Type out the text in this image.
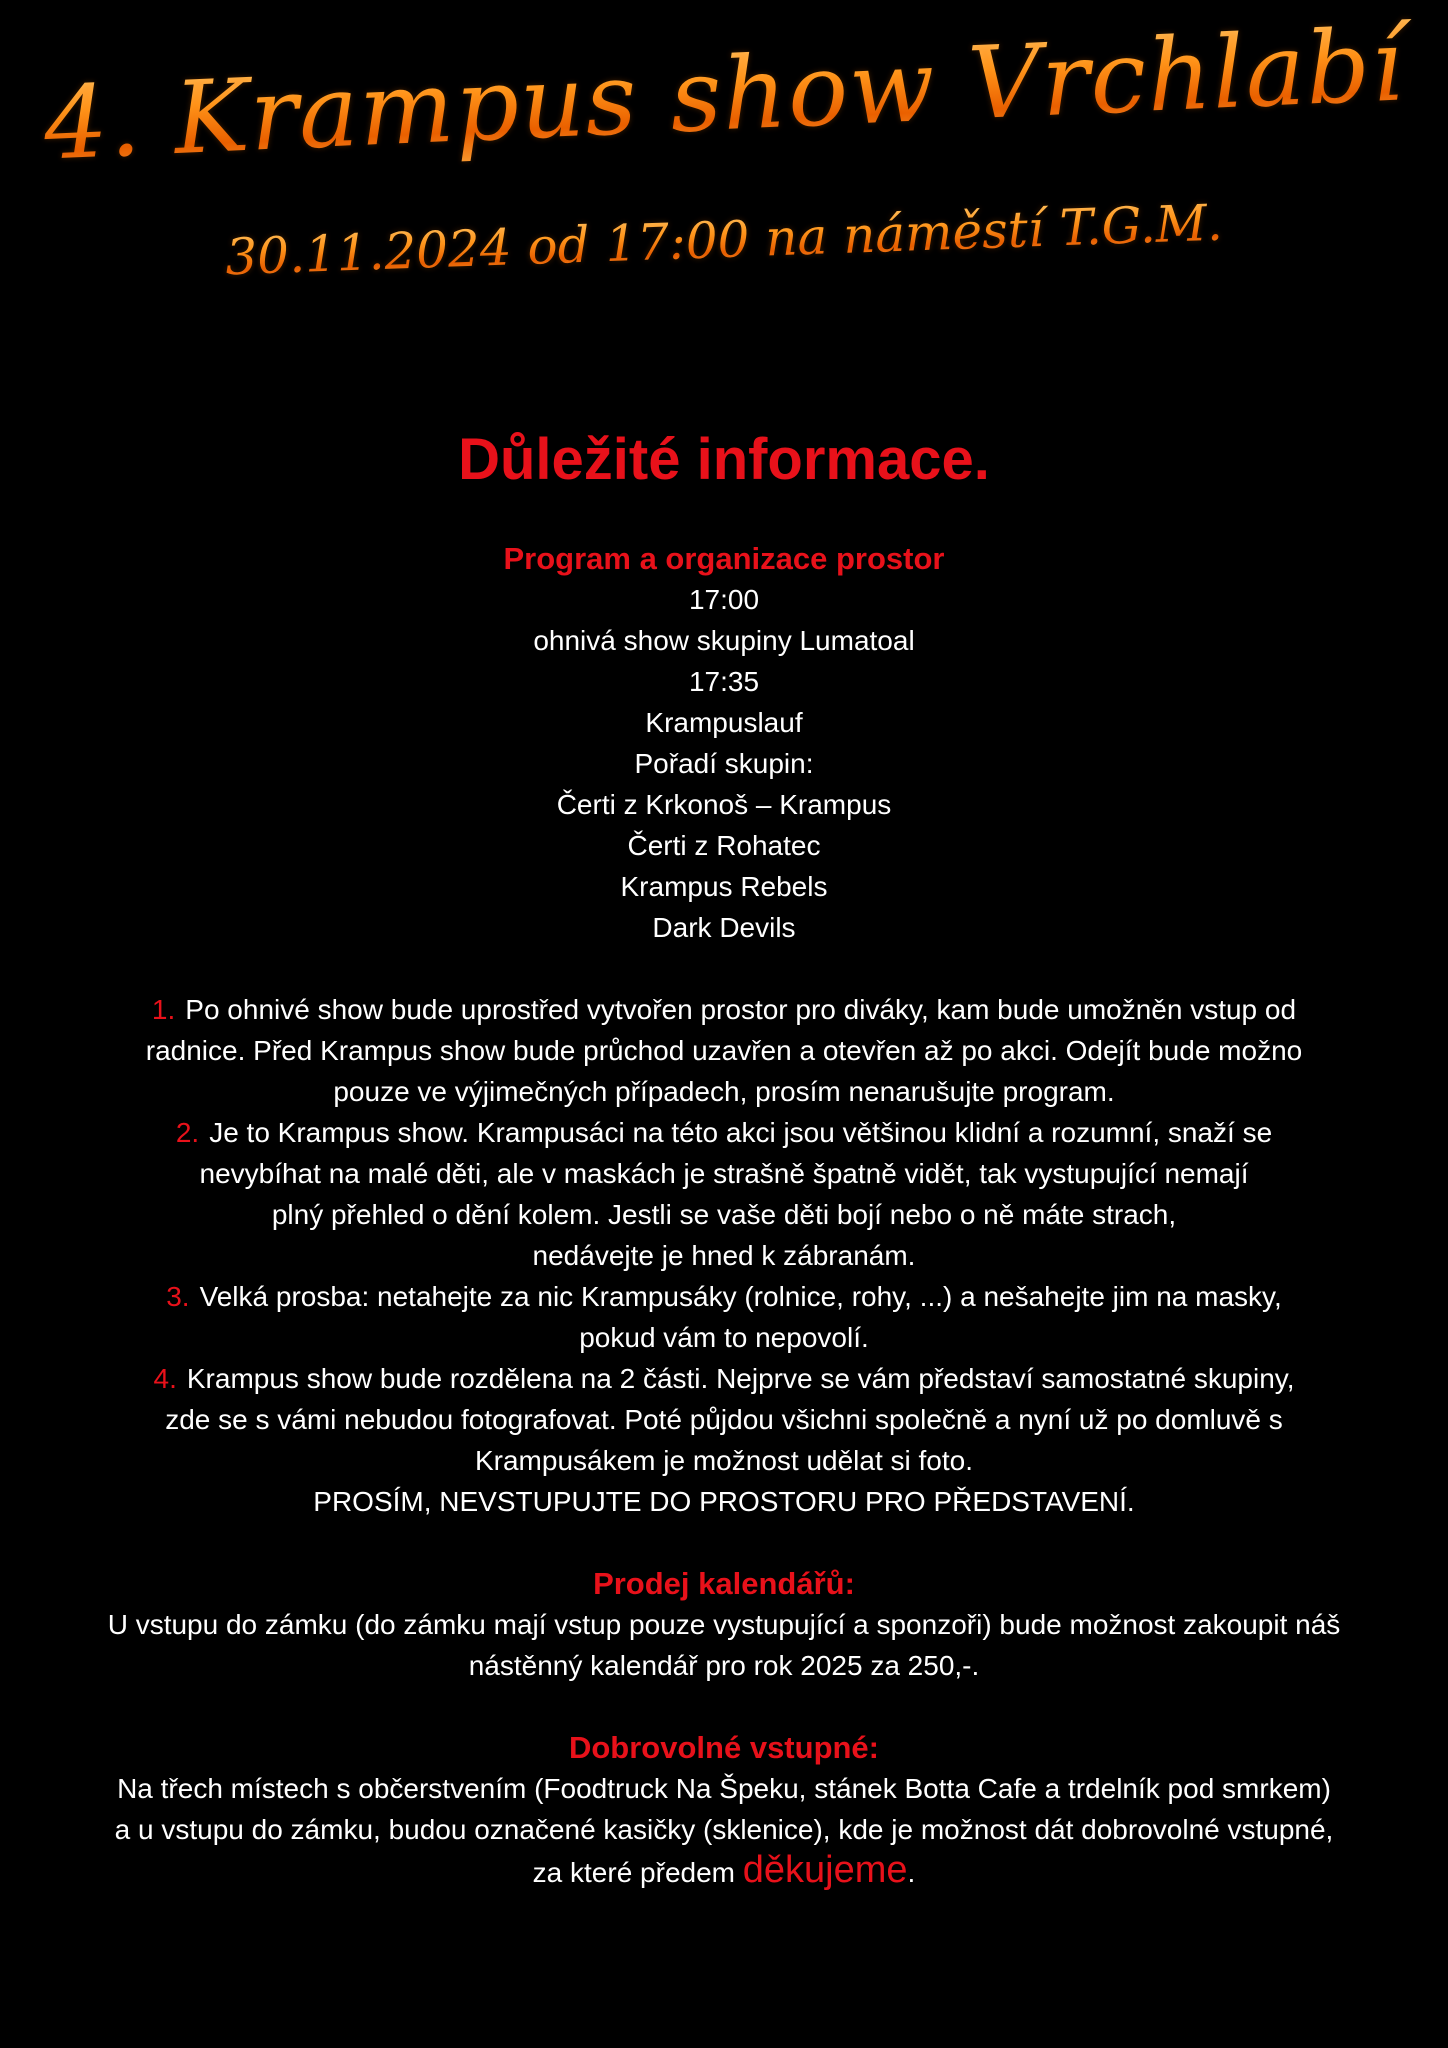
4. Krampus show Vrchlabí
30.11.2024 od 17:00 na náměstí T.G.M.
Důležité informace.

Program a organizace prostor

17:00

ohnivá show skupiny Lumatoal

17:35

Krampuslauf

Pořadí skupin:

Čerti z Krkonoš – Krampus

Čerti z Rohatec

Krampus Rebels

Dark Devils

1. Po ohnivé show bude uprostřed vytvořen prostor pro diváky, kam bude umožněn vstup od

radnice. Před Krampus show bude průchod uzavřen a otevřen až po akci. Odejít bude možno

pouze ve výjimečných případech, prosím nenarušujte program.

2. Je to Krampus show. Krampusáci na této akci jsou většinou klidní a rozumní, snaží se

nevybíhat na malé děti, ale v maskách je strašně špatně vidět, tak vystupující nemají

plný přehled o dění kolem. Jestli se vaše děti bojí nebo o ně máte strach,

nedávejte je hned k zábranám.

3. Velká prosba: netahejte za nic Krampusáky (rolnice, rohy, ...) a nešahejte jim na masky,

pokud vám to nepovolí.

4. Krampus show bude rozdělena na 2 části. Nejprve se vám představí samostatné skupiny,

zde se s vámi nebudou fotografovat. Poté půjdou všichni společně a nyní už po domluvě s

Krampusákem je možnost udělat si foto.

PROSÍM, NEVSTUPUJTE DO PROSTORU PRO PŘEDSTAVENÍ.

Prodej kalendářů:

U vstupu do zámku (do zámku mají vstup pouze vystupující a sponzoři) bude možnost zakoupit náš

nástěnný kalendář pro rok 2025 za 250,-.

Dobrovolné vstupné:

Na třech místech s občerstvením (Foodtruck Na Špeku, stánek Botta Cafe a trdelník pod smrkem)

a u vstupu do zámku, budou označené kasičky (sklenice), kde je možnost dát dobrovolné vstupné,

za které předem děkujeme.
